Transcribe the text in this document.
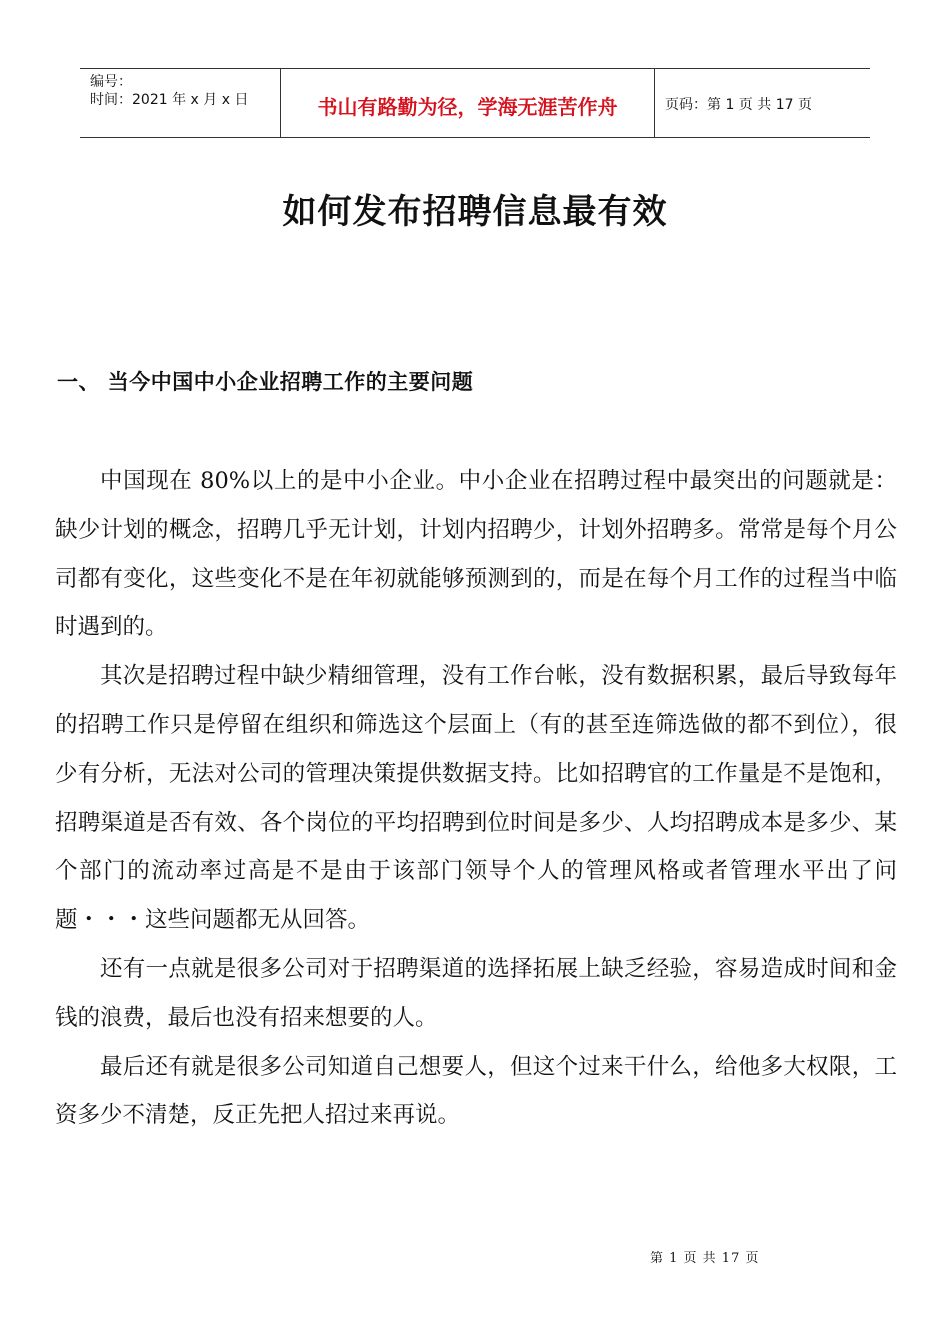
编号：
时间：2021 年 x 月 x 日	书山有路勤为径，学海无涯苦作舟	页码：第 1 页 共 17 页
如何发布招聘信息最有效
一、 当今中国中小企业招聘工作的主要问题

中国现在 80%以上的是中小企业。中小企业在招聘过程中最突出的问题就是：缺少计划的概念，招聘几乎无计划，计划内招聘少，计划外招聘多。常常是每个月公司都有变化，这些变化不是在年初就能够预测到的，而是在每个月工作的过程当中临时遇到的。

其次是招聘过程中缺少精细管理，没有工作台帐，没有数据积累，最后导致每年的招聘工作只是停留在组织和筛选这个层面上（有的甚至连筛选做的都不到位），很少有分析，无法对公司的管理决策提供数据支持。比如招聘官的工作量是不是饱和，招聘渠道是否有效、各个岗位的平均招聘到位时间是多少、人均招聘成本是多少、某个部门的流动率过高是不是由于该部门领导个人的管理风格或者管理水平出了问题・・・这些问题都无从回答。

还有一点就是很多公司对于招聘渠道的选择拓展上缺乏经验，容易造成时间和金钱的浪费，最后也没有招来想要的人。

最后还有就是很多公司知道自己想要人，但这个过来干什么，给他多大权限，工资多少不清楚，反正先把人招过来再说。

第 1 页 共 17 页
